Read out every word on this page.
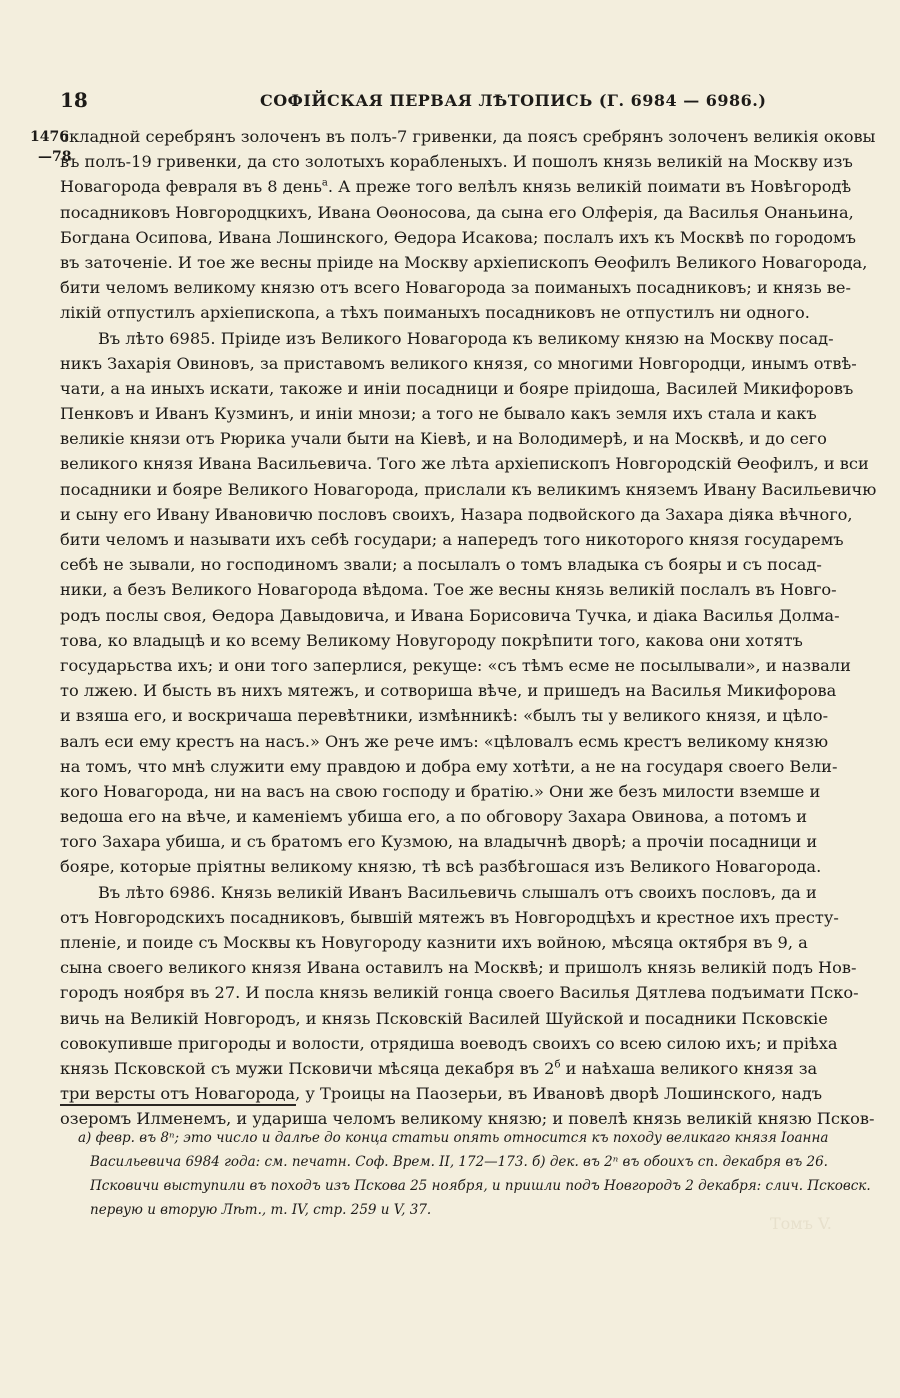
18	СОФІЙСКАЯ ПЕРВАЯ ЛѢТОПИСЬ (Г. 6984 — 6986.)
1476
—78
складной серебрянъ золоченъ въ полъ-7 гривенки, да поясъ сребрянъ золоченъ великія оковы
въ полъ-19 гривенки, да сто золотыхъ корабленыхъ. И пошолъ князь великій на Москву изъ
Новагорода февраля въ 8 день$^а$. А преже того велѣлъ князь великій поимати въ Новѣгородѣ
посадниковъ Новгородцкихъ, Ивана Оѳоносова, да сына его Олферія, да Василья Онаньина,
Богдана Осипова, Ивана Лошинского, Ѳедора Исакова; послалъ ихъ къ Москвѣ по городомъ
въ заточеніе. И тое же весны пріиде на Москву архіепископъ Ѳеофилъ Великого Новагорода,
бити челомъ великому князю отъ всего Новагорода за поиманыхъ посадниковъ; и князь ве-
лікій отпустилъ архіепископа, а тѣхъ поиманыхъ посадниковъ не отпустилъ ни одного.
Въ лѣто 6985. Пріиде изъ Великого Новагорода къ великому князю на Москву посад-
никъ Захарія Овиновъ, за приставомъ великого князя, со многими Новгородци, инымъ отвѣ-
чати, а на иныхъ искати, такоже и иніи посадници и бояре пріидоша, Василей Микифоровъ
Пенковъ и Иванъ Кузминъ, и иніи мнози; а того не бывало какъ земля ихъ стала и какъ
великіе князи отъ Рюрика учали быти на Кіевѣ, и на Володимерѣ, и на Москвѣ, и до сего
великого князя Ивана Васильевича. Того же лѣта архіепископъ Новгородскій Ѳеофилъ, и вси
посадники и бояре Великого Новагорода, прислали къ великимъ княземъ Ивану Васильевичю
и сыну его Ивану Ивановичю пословъ своихъ, Назара подвойского да Захара діяка вѣчного,
бити челомъ и называти ихъ себѣ государи; а напередъ того никоторого князя государемъ
себѣ не зывали, но господиномъ звали; а посылалъ о томъ владыка съ бояры и съ посад-
ники, а безъ Великого Новагорода вѣдома. Тое же весны князь великій послалъ въ Новго-
родъ послы своя, Ѳедора Давыдовича, и Ивана Борисовича Тучка, и діака Василья Долма-
това, ко владыцѣ и ко всему Великому Новугороду покрѣпити того, какова они хотятъ
государьства ихъ; и они того заперлися, рекуще: «съ тѣмъ есме не посылывали», и назвали
то лжею. И бысть въ нихъ мятежъ, и сотвориша вѣче, и пришедъ на Василья Микифорова
и взяша его, и воскричаша перевѣтники, измѣнникѣ: «былъ ты у великого князя, и цѣло-
валъ еси ему крестъ на насъ.» Онъ же рече имъ: «цѣловалъ есмь крестъ великому князю
на томъ, что мнѣ служити ему правдою и добра ему хотѣти, а не на государя своего Вели-
кого Новагорода, ни на васъ на свою господу и братію.» Они же безъ милости вземше и
ведоша его на вѣче, и каменіемъ убиша его, а по обговору Захара Овинова, а потомъ и
того Захара убиша, и съ братомъ его Кузмою, на владычнѣ дворѣ; а прочіи посадници и
бояре, которые пріятны великому князю, тѣ всѣ разбѣгошася изъ Великого Новагорода.
Въ лѣто 6986. Князь великій Иванъ Васильевичь слышалъ отъ своихъ пословъ, да и
отъ Новгородскихъ посадниковъ, бывшій мятежъ въ Новгородцѣхъ и крестное ихъ престу-
пленіе, и поиде съ Москвы къ Новугороду казнити ихъ войною, мѣсяца октября въ 9, а
сына своего великого князя Ивана оставилъ на Москвѣ; и пришолъ князь великій подъ Нов-
городъ ноября въ 27. И посла князь великій гонца своего Василья Дятлева подъимати Пско-
вичь на Великій Новгородъ, и князь Псковскій Василей Шуйской и посадники Псковскіе
совокупивше пригороды и волости, отрядиша воеводъ своихъ со всею силою ихъ; и пріѣха
князь Псковской съ мужи Псковичи мѣсяца декабря въ $2^б$ и наѣхаша великого князя за
три версты отъ Новагорода, у Троицы на Паозерьи, въ Ивановѣ дворѣ Лошинского, надъ
озеромъ Илменемъ, и удариша челомъ великому князю; и повелѣ князь великій князю Псков-
а) февр. въ 8ⁿ; это число и далѣе до конца статьи опять относится къ походу великаго князя Іоанна
Васильевича 6984 года: см. печатн. Соф. Врем. II, 172—173. б) дек. въ 2ⁿ въ обоихъ сп. декабря въ 26.
Псковичи выступили въ походъ изъ Пскова 25 ноября, и пришли подъ Новгородъ 2 декабря: слич. Псковск.
первую и вторую Лѣт., т. IV, стр. 259 и V, 37.
Томъ V.
